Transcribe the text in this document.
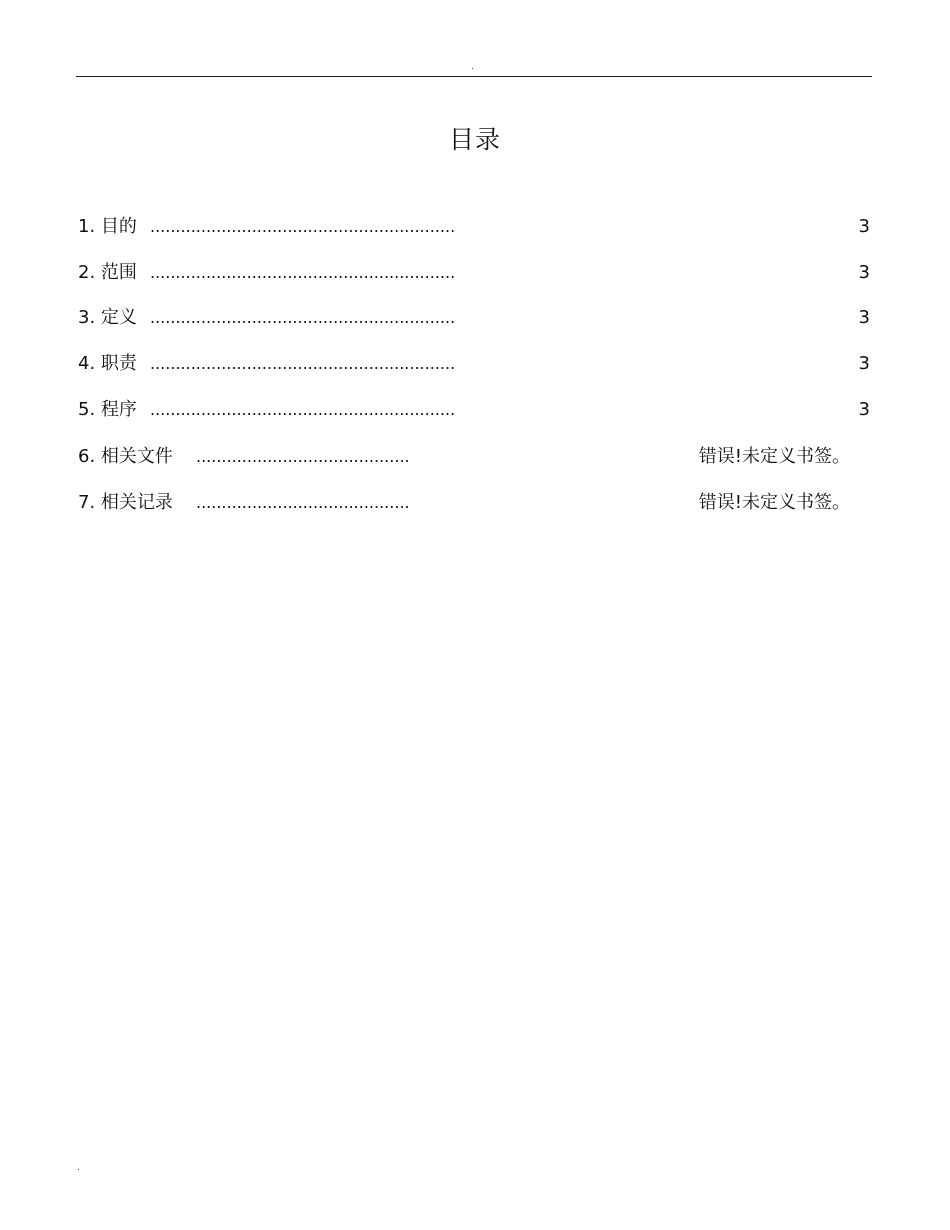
.
目录
1. 目的 ............................................................	3
2. 范围 ............................................................	3
3. 定义 ............................................................	3
4. 职责 ............................................................	3
5. 程序 ............................................................	3
6. 相关文件 ..........................................	错误!未定义书签。
7. 相关记录 ..........................................	错误!未定义书签。
.
